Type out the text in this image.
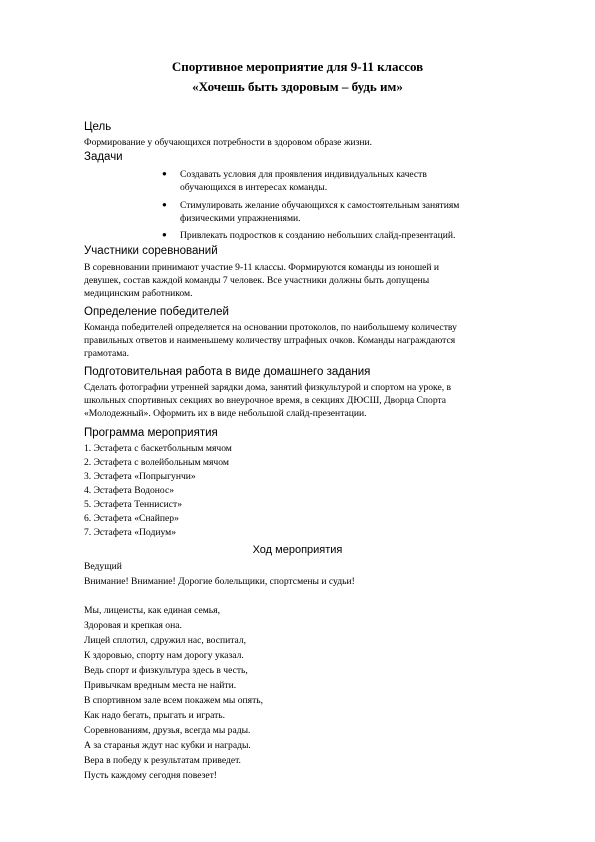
Спортивное мероприятие для 9-11 классов
«Хочешь быть здоровым – будь им»
Цель
Формирование у обучающихся потребности в здоровом образе жизни.
Задачи
● Создавать условия для проявления индивидуальных качеств
обучающихся в интересах команды.
● Стимулировать желание обучающихся к самостоятельным занятиям
физическими упражнениями.
● Привлекать подростков к созданию небольших слайд-презентаций.
Участники соревнований
В соревновании принимают участие 9-11 классы. Формируются команды из юношей и
девушек, состав каждой команды 7 человек. Все участники должны быть допущены
медицинским работником.
Определение победителей
Команда победителей определяется на основании протоколов, по наибольшему количеству
правильных ответов и наименьшему количеству штрафных очков. Команды награждаются
грамотама.
Подготовительная работа в виде домашнего задания
Сделать фотографии утренней зарядки дома, занятий физкультурой и спортом на уроке, в
школьных спортивных секциях во внеурочное время, в секциях ДЮСШ, Дворца Спорта
«Молодежный». Оформить их в виде небольшой слайд-презентации.
Программа мероприятия
1. Эстафета с баскетбольным мячом
2. Эстафета с волейбольным мячом
3. Эстафета «Попрыгунчи»
4. Эстафета Водонос»
5. Эстафета Теннисист»
6. Эстафета «Снайпер»
7. Эстафета «Подиум»
Ход мероприятия
Ведущий
Внимание! Внимание! Дорогие болельщики, спортсмены и судьи!
Мы, лицеисты, как единая семья,
Здоровая и крепкая она.
Лицей сплотил, сдружил нас, воспитал,
К здоровью, спорту нам дорогу указал.
Ведь спорт и физкультура здесь в честь,
Привычкам вредным места не найти.
В спортивном зале всем покажем мы опять,
Как надо бегать, прыгать и играть.
Соревнованиям, друзья, всегда мы рады.
А за старанья ждут нас кубки и награды.
Вера в победу к результатам приведет.
Пусть каждому сегодня повезет!
